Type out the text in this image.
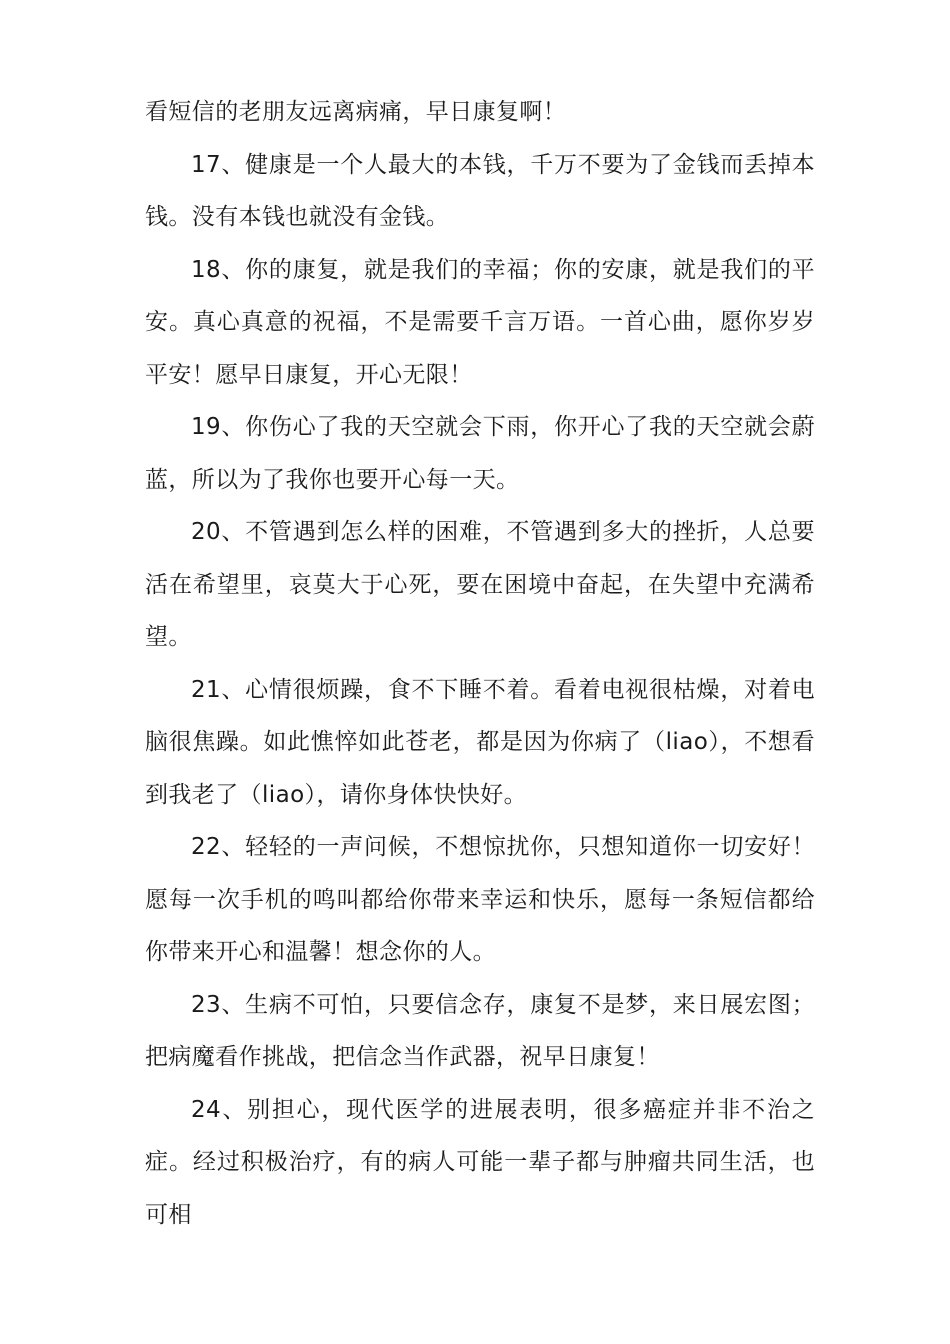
看短信的老朋友远离病痛，早日康复啊！

17、健康是一个人最大的本钱，千万不要为了金钱而丢掉本钱。没有本钱也就没有金钱。

18、你的康复，就是我们的幸福；你的安康，就是我们的平安。真心真意的祝福，不是需要千言万语。一首心曲，愿你岁岁平安！愿早日康复，开心无限！

19、你伤心了我的天空就会下雨，你开心了我的天空就会蔚蓝，所以为了我你也要开心每一天。

20、不管遇到怎么样的困难，不管遇到多大的挫折，人总要活在希望里，哀莫大于心死，要在困境中奋起，在失望中充满希望。

21、心情很烦躁，食不下睡不着。看着电视很枯燥，对着电脑很焦躁。如此憔悴如此苍老，都是因为你病了（liao），不想看到我老了（liao），请你身体快快好。

22、轻轻的一声问候，不想惊扰你，只想知道你一切安好！愿每一次手机的鸣叫都给你带来幸运和快乐，愿每一条短信都给你带来开心和温馨！想念你的人。

23、生病不可怕，只要信念存，康复不是梦，来日展宏图；把病魔看作挑战，把信念当作武器，祝早日康复！

24、别担心，现代医学的进展表明，很多癌症并非不治之症。经过积极治疗，有的病人可能一辈子都与肿瘤共同生活，也可相
